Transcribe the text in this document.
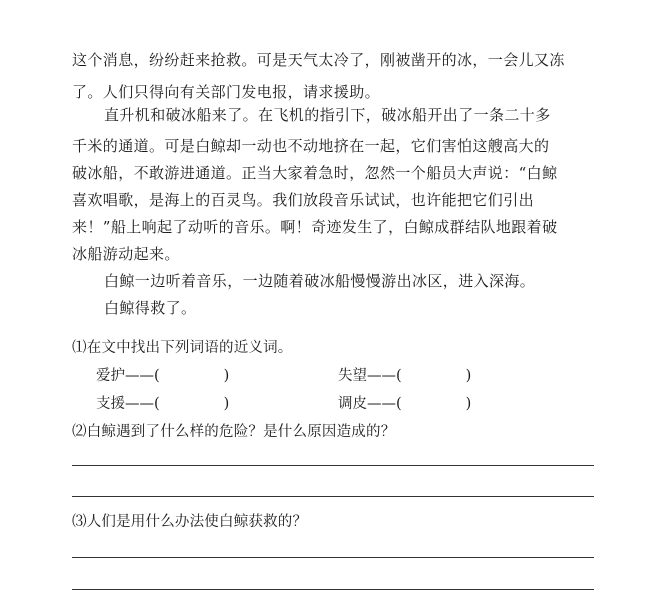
这个消息，纷纷赶来抢救。可是天气太冷了，刚被凿开的冰，一会儿又冻
了。人们只得向有关部门发电报，请求援助。
直升机和破冰船来了。在飞机的指引下，破冰船开出了一条二十多
千米的通道。可是白鲸却一动也不动地挤在一起，它们害怕这艘高大的
破冰船，不敢游进通道。正当大家着急时，忽然一个船员大声说：“白鲸
喜欢唱歌，是海上的百灵鸟。我们放段音乐试试，也许能把它们引出
来！”船上响起了动听的音乐。啊！奇迹发生了，白鲸成群结队地跟着破
冰船游动起来。
白鲸一边听着音乐，一边随着破冰船慢慢游出冰区，进入深海。
白鲸得救了。
⑴在文中找出下列词语的近义词。
爱护——(	)	失望——(	)
支援——(	)	调皮——(	)
⑵白鲸遇到了什么样的危险？是什么原因造成的？
⑶人们是用什么办法使白鲸获救的？
